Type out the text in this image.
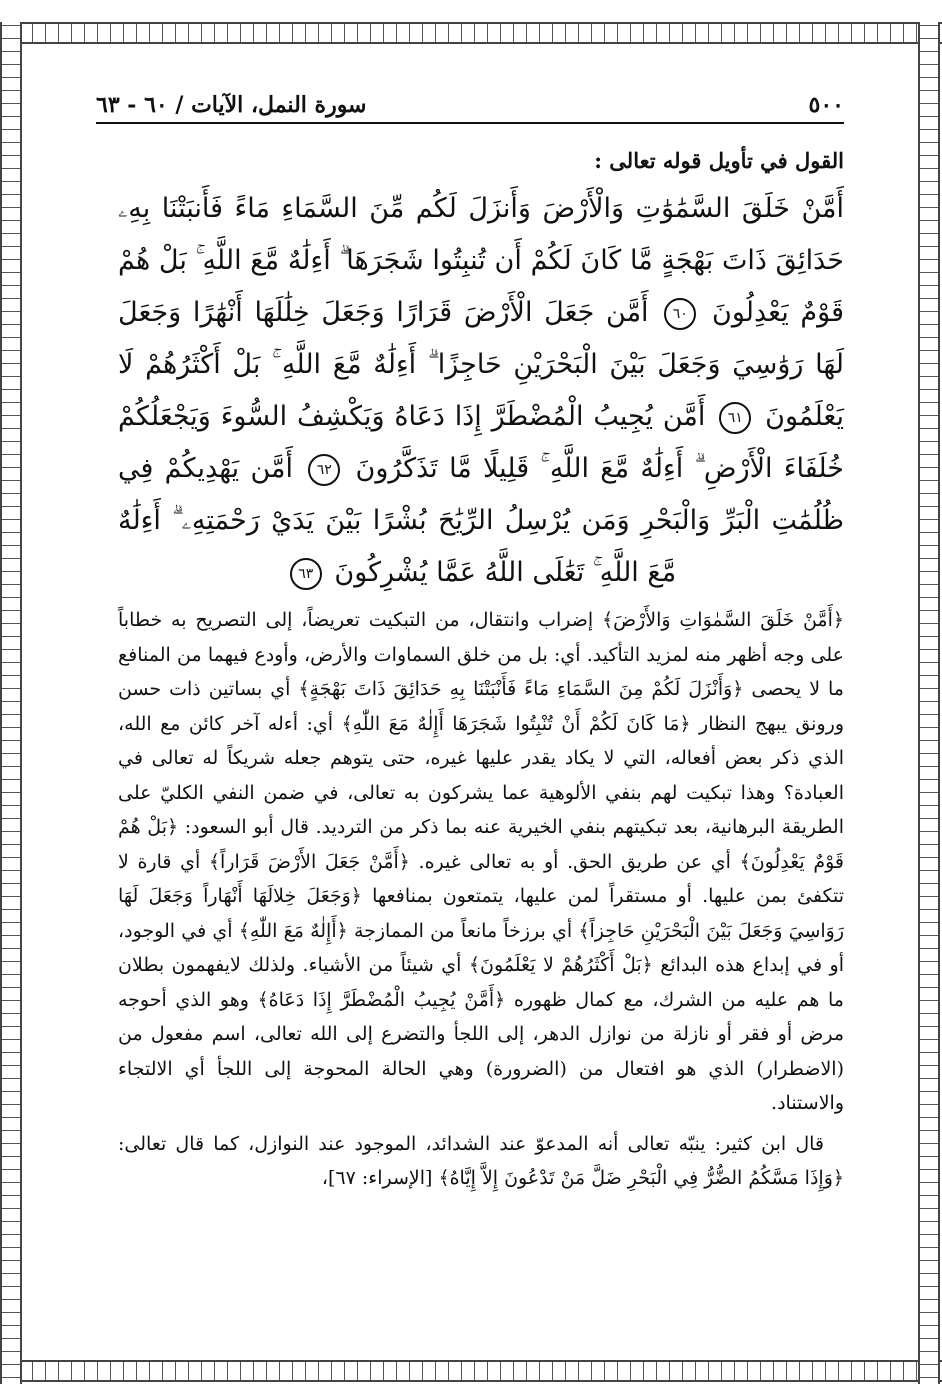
٥٠٠
سورة النمل، الآيات / ٦٠ - ٦٣
القول في تأويل قوله تعالى :
أَمَّنْ خَلَقَ السَّمَٰوَٰتِ وَالْأَرْضَ وَأَنزَلَ لَكُم مِّنَ السَّمَاءِ مَاءً فَأَنبَتْنَا بِهِۦ حَدَائِقَ ذَاتَ بَهْجَةٍ مَّا كَانَ لَكُمْ أَن تُنبِتُوا شَجَرَهَا ۗ أَءِلَٰهٌ مَّعَ اللَّهِ ۚ بَلْ هُمْ قَوْمٌ يَعْدِلُونَ ٦٠ أَمَّن جَعَلَ الْأَرْضَ قَرَارًا وَجَعَلَ خِلَٰلَهَا أَنْهَٰرًا وَجَعَلَ لَهَا رَوَٰسِيَ وَجَعَلَ بَيْنَ الْبَحْرَيْنِ حَاجِزًا ۗ أَءِلَٰهٌ مَّعَ اللَّهِ ۚ بَلْ أَكْثَرُهُمْ لَا يَعْلَمُونَ ٦١ أَمَّن يُجِيبُ الْمُضْطَرَّ إِذَا دَعَاهُ وَيَكْشِفُ السُّوءَ وَيَجْعَلُكُمْ خُلَفَاءَ الْأَرْضِ ۗ أَءِلَٰهٌ مَّعَ اللَّهِ ۚ قَلِيلًا مَّا تَذَكَّرُونَ ٦٢ أَمَّن يَهْدِيكُمْ فِي ظُلُمَٰتِ الْبَرِّ وَالْبَحْرِ وَمَن يُرْسِلُ الرِّيَٰحَ بُشْرًا بَيْنَ يَدَيْ رَحْمَتِهِۦ ۗ أَءِلَٰهٌ مَّعَ اللَّهِ ۚ تَعَٰلَى اللَّهُ عَمَّا يُشْرِكُونَ ٦٣

﴿أَمَّنْ خَلَقَ السَّمٰوَاتِ وَالأَرْضَ﴾ إضراب وانتقال، من التبكيت تعريضاً، إلى التصريح به خطاباً على وجه أظهر منه لمزيد التأكيد. أي: بل من خلق السماوات والأرض، وأودع فيهما من المنافع ما لا يحصى ﴿وَأَنْزَلَ لَكُمْ مِنَ السَّمَاءِ مَاءً فَأَنْبَتْنَا بِهِ حَدَائِقَ ذَاتَ بَهْجَةٍ﴾ أي بساتين ذات حسن ورونق يبهج النظار ﴿مَا كَانَ لَكُمْ أَنْ تُنْبِتُوا شَجَرَهَا أَإِلٰهٌ مَعَ اللّٰهِ﴾ أي: أءله آخر كائن مع الله، الذي ذكر بعض أفعاله، التي لا يكاد يقدر عليها غيره، حتى يتوهم جعله شريكاً له تعالى في العبادة؟ وهذا تبكيت لهم بنفي الألوهية عما يشركون به تعالى، في ضمن النفي الكليّ على الطريقة البرهانية، بعد تبكيتهم بنفي الخيرية عنه بما ذكر من الترديد. قال أبو السعود: ﴿بَلْ هُمْ قَوْمٌ يَعْدِلُونَ﴾ أي عن طريق الحق. أو به تعالى غيره. ﴿أَمَّنْ جَعَلَ الأَرْضَ قَرَاراً﴾ أي قارة لا تتكفئ بمن عليها. أو مستقراً لمن عليها، يتمتعون بمنافعها ﴿وَجَعَلَ خِلالَهَا أَنْهَاراً وَجَعَلَ لَهَا رَوَاسِيَ وَجَعَلَ بَيْنَ الْبَحْرَيْنِ حَاجِزاً﴾ أي برزخاً مانعاً من الممازجة ﴿أَإِلٰهٌ مَعَ اللّٰهِ﴾ أي في الوجود، أو في إبداع هذه البدائع ﴿بَلْ أَكْثَرُهُمْ لا يَعْلَمُونَ﴾ أي شيئاً من الأشياء. ولذلك لايفهمون بطلان ما هم عليه من الشرك، مع كمال ظهوره ﴿أَمَّنْ يُجِيبُ الْمُضْطَرَّ إِذَا دَعَاهُ﴾ وهو الذي أحوجه مرض أو فقر أو نازلة من نوازل الدهر، إلى اللجأ والتضرع إلى الله تعالى، اسم مفعول من (الاضطرار) الذي هو افتعال من (الضرورة) وهي الحالة المحوجة إلى اللجأ أي الالتجاء والاستناد.

قال ابن كثير: ينبّه تعالى أنه المدعوّ عند الشدائد، الموجود عند النوازل، كما قال تعالى: ﴿وَإِذَا مَسَّكُمُ الضُّرُّ فِي الْبَحْرِ ضَلَّ مَنْ تَدْعُونَ إِلاَّ إِيَّاهُ﴾ [الإسراء: ٦٧]،
